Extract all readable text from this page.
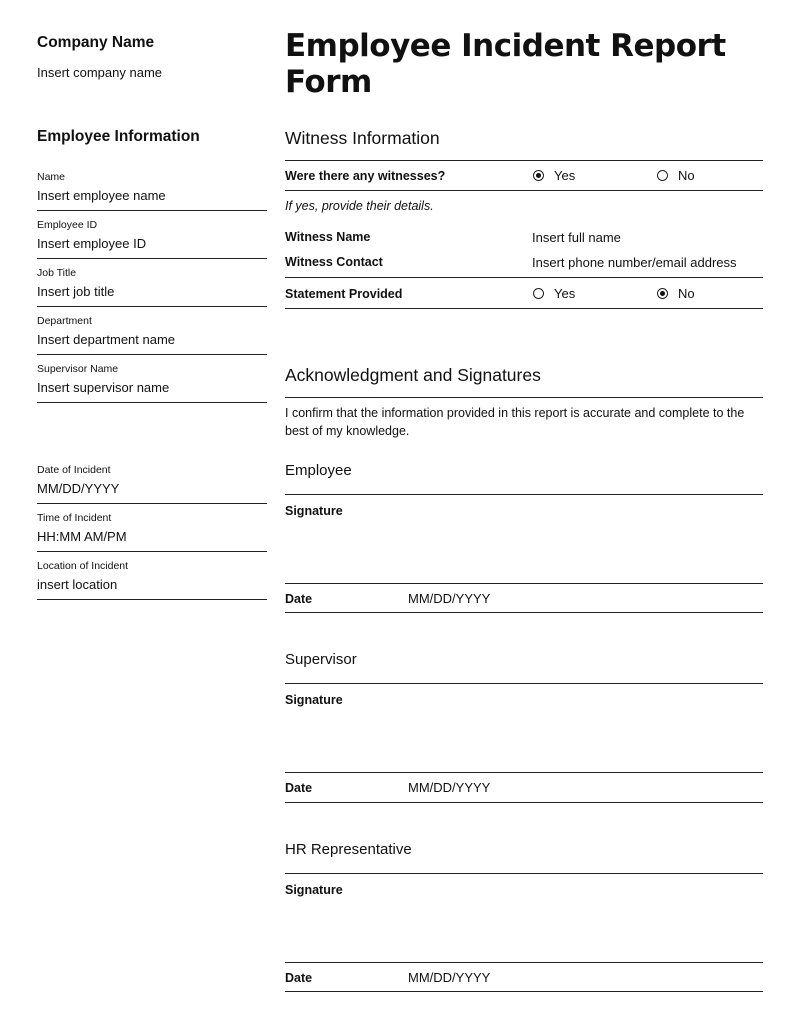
Company Name
Insert company name
Employee Incident Report Form
Employee Information
Name
Insert employee name
Employee ID
Insert employee ID
Job Title
Insert job title
Department
Insert department name
Supervisor Name
Insert supervisor name
Date of Incident
MM/DD/YYYY
Time of Incident
HH:MM AM/PM
Location of Incident
insert location
Witness Information
Were there any witnesses?	Yes	No
If yes, provide their details.
Witness Name	Insert full name
Witness Contact	Insert phone number/email address
Statement Provided	Yes	No
Acknowledgment and Signatures
I confirm that the information provided in this report is accurate and complete to the best of my knowledge.
Employee
Signature
Date	MM/DD/YYYY
Supervisor
Signature
Date	MM/DD/YYYY
HR Representative
Signature
Date	MM/DD/YYYY
